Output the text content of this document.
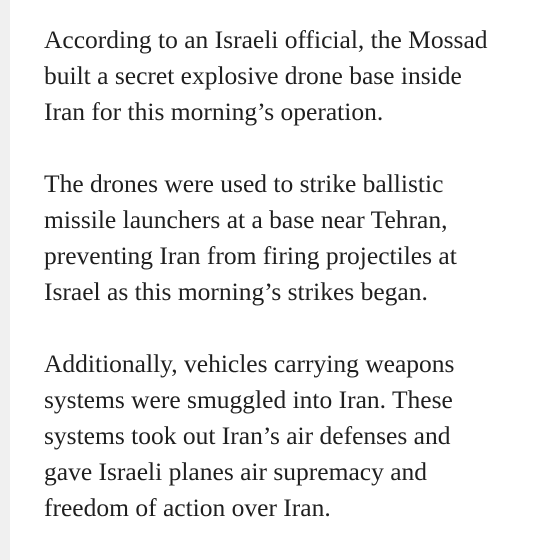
According to an Israeli official, the Mossad
built a secret explosive drone base inside
Iran for this morning’s operation.

The drones were used to strike ballistic
missile launchers at a base near Tehran,
preventing Iran from firing projectiles at
Israel as this morning’s strikes began.

Additionally, vehicles carrying weapons
systems were smuggled into Iran. These
systems took out Iran’s air defenses and
gave Israeli planes air supremacy and
freedom of action over Iran.
